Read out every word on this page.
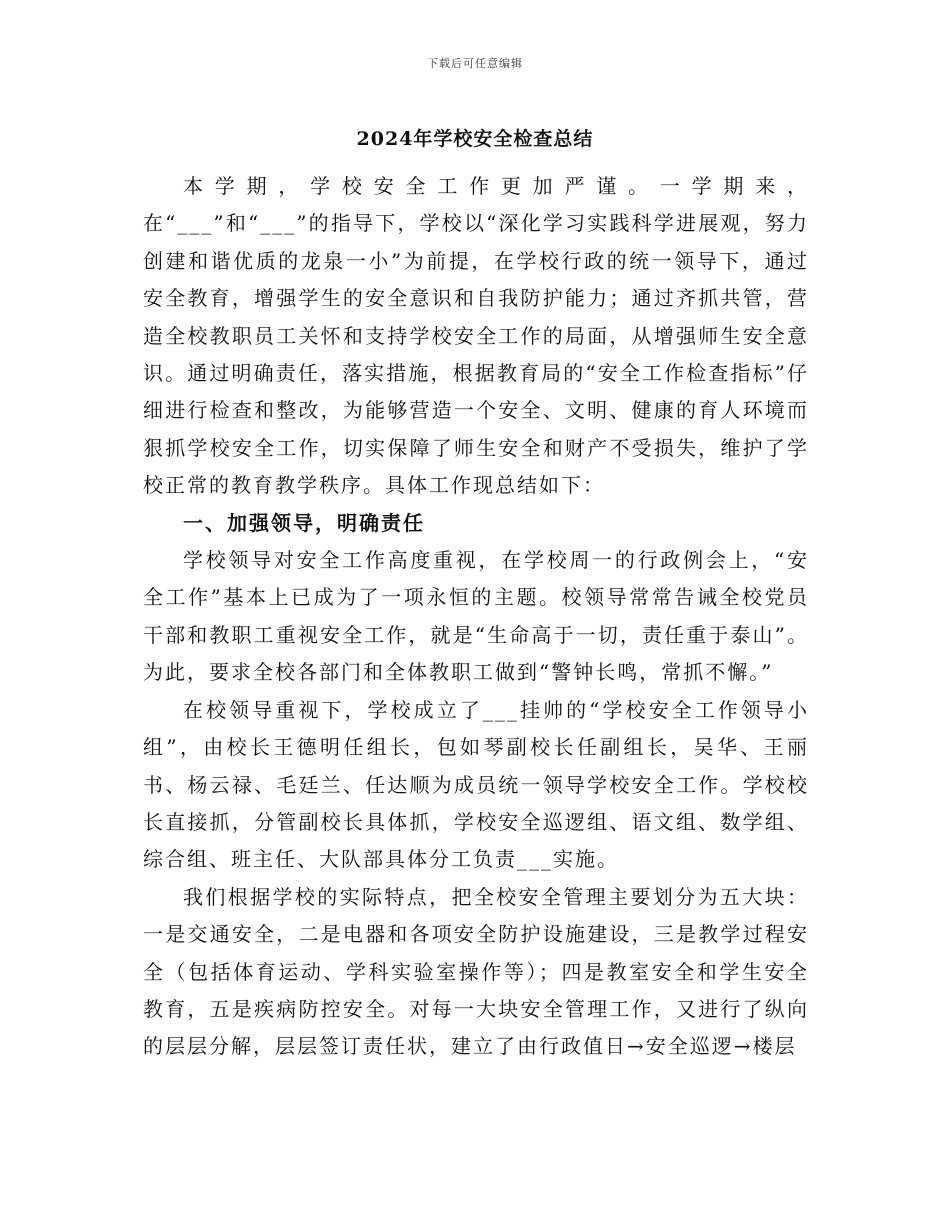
下载后可任意编辑
2024年学校安全检查总结

本学期，学校安全工作更加严谨。一学期来，在“___”和“___”的指导下，学校以“深化学习实践科学进展观，努力创建和谐优质的龙泉一小”为前提，在学校行政的统一领导下，通过安全教育，增强学生的安全意识和自我防护能力；通过齐抓共管，营造全校教职员工关怀和支持学校安全工作的局面，从增强师生安全意识。通过明确责任，落实措施，根据教育局的“安全工作检查指标”仔细进行检查和整改，为能够营造一个安全、文明、健康的育人环境而狠抓学校安全工作，切实保障了师生安全和财产不受损失，维护了学校正常的教育教学秩序。具体工作现总结如下：

一、加强领导，明确责任

学校领导对安全工作高度重视，在学校周一的行政例会上，“安全工作”基本上已成为了一项永恒的主题。校领导常常告诫全校党员干部和教职工重视安全工作，就是“生命高于一切，责任重于泰山”。为此，要求全校各部门和全体教职工做到“警钟长鸣，常抓不懈。”

在校领导重视下，学校成立了___挂帅的“学校安全工作领导小组”，由校长王德明任组长，包如琴副校长任副组长，吴华、王丽书、杨云禄、毛廷兰、任达顺为成员统一领导学校安全工作。学校校长直接抓，分管副校长具体抓，学校安全巡逻组、语文组、数学组、综合组、班主任、大队部具体分工负责___实施。

我们根据学校的实际特点，把全校安全管理主要划分为五大块：一是交通安全，二是电器和各项安全防护设施建设，三是教学过程安全（包括体育运动、学科实验室操作等）；四是教室安全和学生安全教育，五是疾病防控安全。对每一大块安全管理工作，又进行了纵向的层层分解，层层签订责任状，建立了由行政值日→安全巡逻→楼层
